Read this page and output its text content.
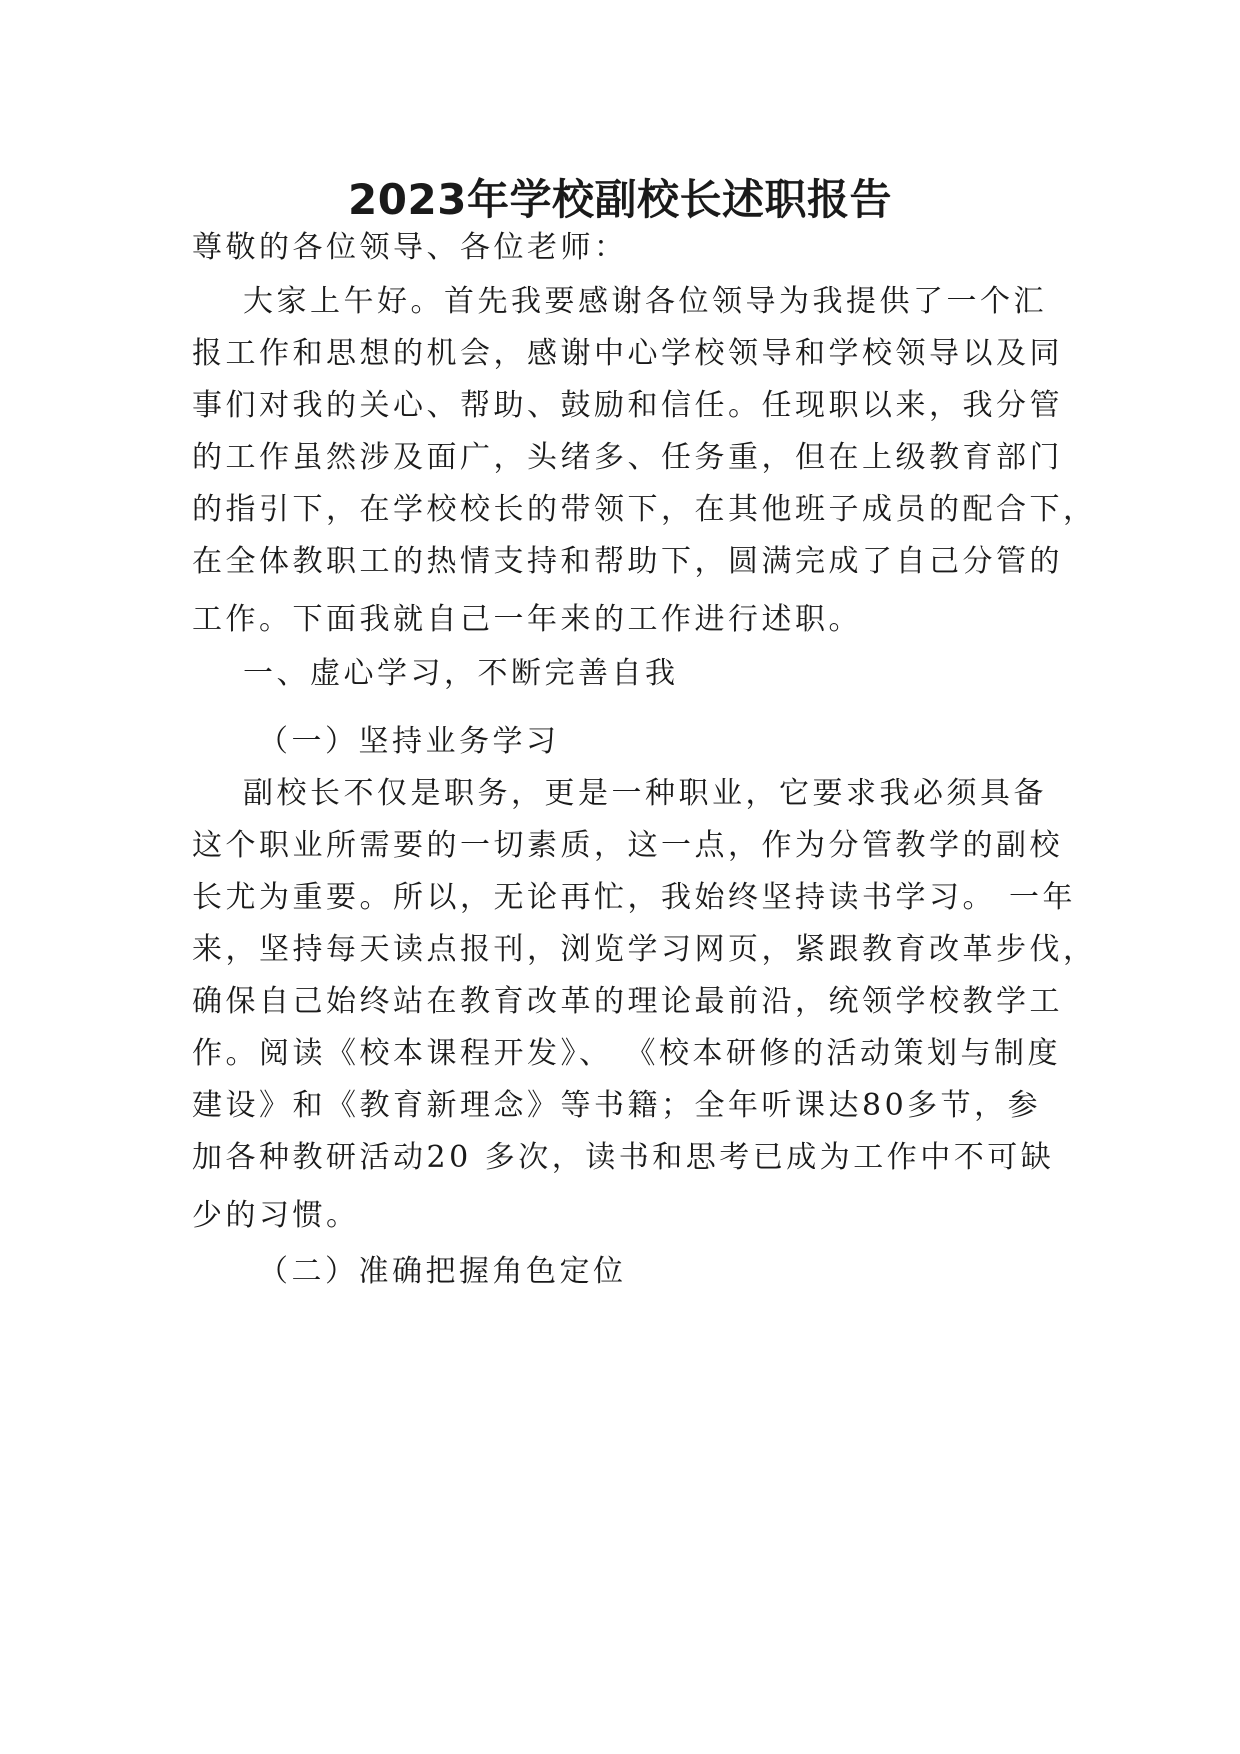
2023年学校副校长述职报告
尊敬的各位领导、各位老师：
大家上午好。首先我要感谢各位领导为我提供了一个汇
报工作和思想的机会，感谢中心学校领导和学校领导以及同
事们对我的关心、帮助、鼓励和信任。任现职以来，我分管
的工作虽然涉及面广，头绪多、任务重，但在上级教育部门
的指引下，在学校校长的带领下，在其他班子成员的配合下，
在全体教职工的热情支持和帮助下，圆满完成了自己分管的
工作。下面我就自己一年来的工作进行述职。
一、虚心学习，不断完善自我
（一）坚持业务学习
副校长不仅是职务，更是一种职业，它要求我必须具备
这个职业所需要的一切素质，这一点，作为分管教学的副校
长尤为重要。所以，无论再忙，我始终坚持读书学习。 一年
来，坚持每天读点报刊，浏览学习网页，紧跟教育改革步伐，
确保自己始终站在教育改革的理论最前沿，统领学校教学工
作。阅读《校本课程开发》、 《校本研修的活动策划与制度
建设》和《教育新理念》等书籍；全年听课达80多节，参
加各种教研活动20 多次，读书和思考已成为工作中不可缺
少的习惯。
（二）准确把握角色定位
